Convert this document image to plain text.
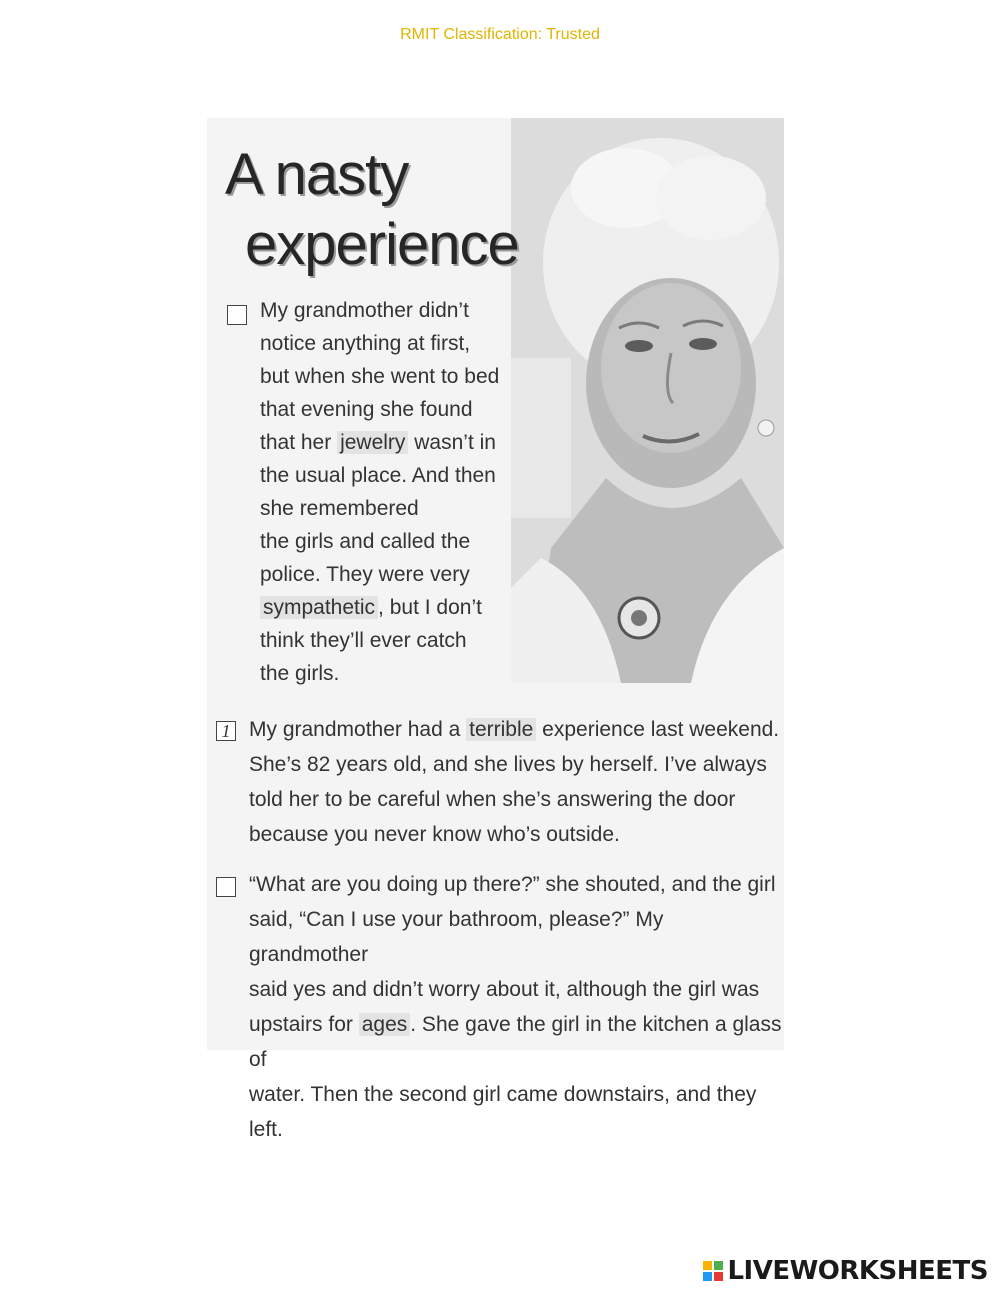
RMIT Classification: Trusted
A nasty
experience
My grandmother didn’t
notice anything at first,
but when she went to bed
that evening she found
that her jewelry wasn’t in
the usual place. And then
she remembered
the girls and called the
police. They were very
sympathetic , but I don’t
think they’ll ever catch
the girls.
1 My grandmother had a terrible experience last weekend.
She’s 82 years old, and she lives by herself. I’ve always
told her to be careful when she’s answering the door
because you never know who’s outside.
“What are you doing up there?” she shouted, and the girl
said, “Can I use your bathroom, please?” My grandmother
said yes and didn’t worry about it, although the girl was
upstairs for ages . She gave the girl in the kitchen a glass of
water. Then the second girl came downstairs, and they left.
LIVEWORKSHEETS
